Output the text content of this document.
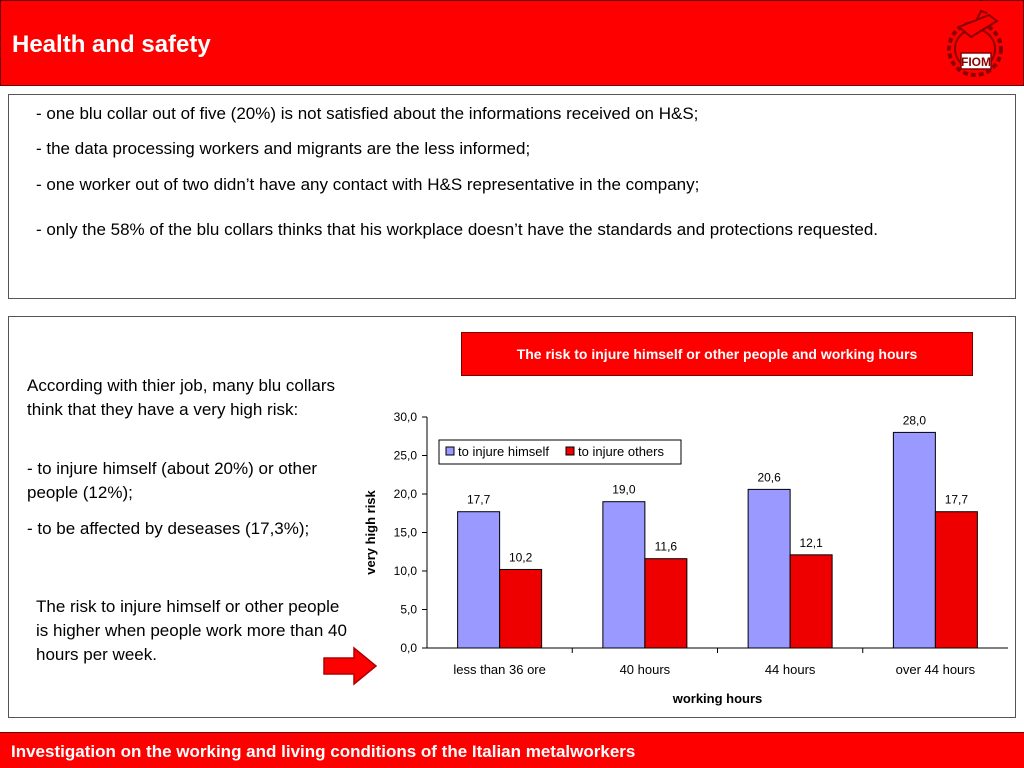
Health and safety
FIOM
- one blu collar out of five (20%) is not satisfied about the informations received on H&S;
- the data processing workers and migrants are the less informed;
- one worker out of two didn’t have any contact with H&S representative in the company;
- only the 58% of the blu collars thinks that his workplace doesn’t have the standards and protections requested.
According with thier job, many blu collars think that they have a very high risk:
- to injure himself (about 20%) or other people (12%);
- to be affected by deseases (17,3%);
The risk to injure himself or other people is higher when people work more than 40 hours per week.
The risk to injure himself or other people and working hours
0,0
5,0
10,0
15,0
20,0
25,0
30,0
less than 36 ore
17,7
10,2
40 hours
19,0
11,6
44 hours
20,6
12,1
over 44 hours
28,0
17,7
working hours
very high risk
to injure himself to injure others
Investigation on the working and living conditions of the Italian metalworkers
